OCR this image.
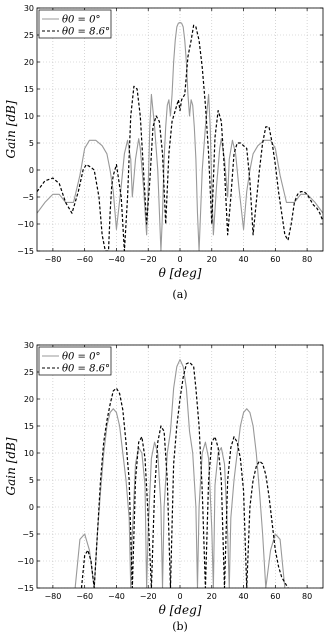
−80 −60 −40 −20	0	20	40	60	80
−15
−10
−5
0
5
10
15
20
25
30
θ [deg]
Gain [dB]
θ0 = 0°
θ0 = 8.6°
(a)
−80 −60 −40 −20	0	20	40	60	80
−15
−10
−5
0
5
10
15
20
25
30
θ [deg]
Gain [dB]
θ0 = 0°
θ0 = 8.6°
(b)
